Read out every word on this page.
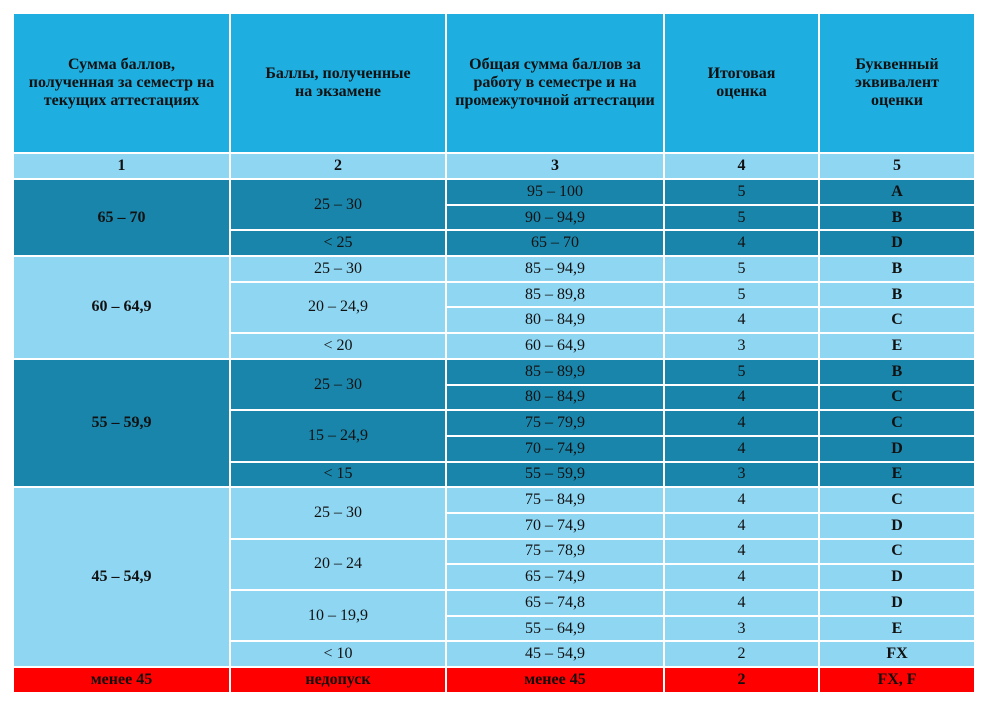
Сумма баллов, полученная за семестр на текущих аттестациях	Баллы, полученные на экзамене	Общая сумма баллов за работу в семестре и на промежуточной аттестации	Итоговая оценка	Буквенный эквивалент оценки
1	2	3	4	5
65 – 70	25 – 30	95 – 100	5	A
		90 – 94,9	5	B
	< 25	65 – 70	4	D
60 – 64,9	25 – 30	85 – 94,9	5	B
	20 – 24,9	85 – 89,8	5	B
		80 – 84,9	4	C
	< 20	60 – 64,9	3	E
55 – 59,9	25 – 30	85 – 89,9	5	B
		80 – 84,9	4	C
	15 – 24,9	75 – 79,9	4	C
		70 – 74,9	4	D
	< 15	55 – 59,9	3	E
45 – 54,9	25 – 30	75 – 84,9	4	C
		70 – 74,9	4	D
	20 – 24	75 – 78,9	4	C
		65 – 74,9	4	D
	10 – 19,9	65 – 74,8	4	D
		55 – 64,9	3	E
	< 10	45 – 54,9	2	FX
менее 45	недопуск	менее 45	2	FX, F
